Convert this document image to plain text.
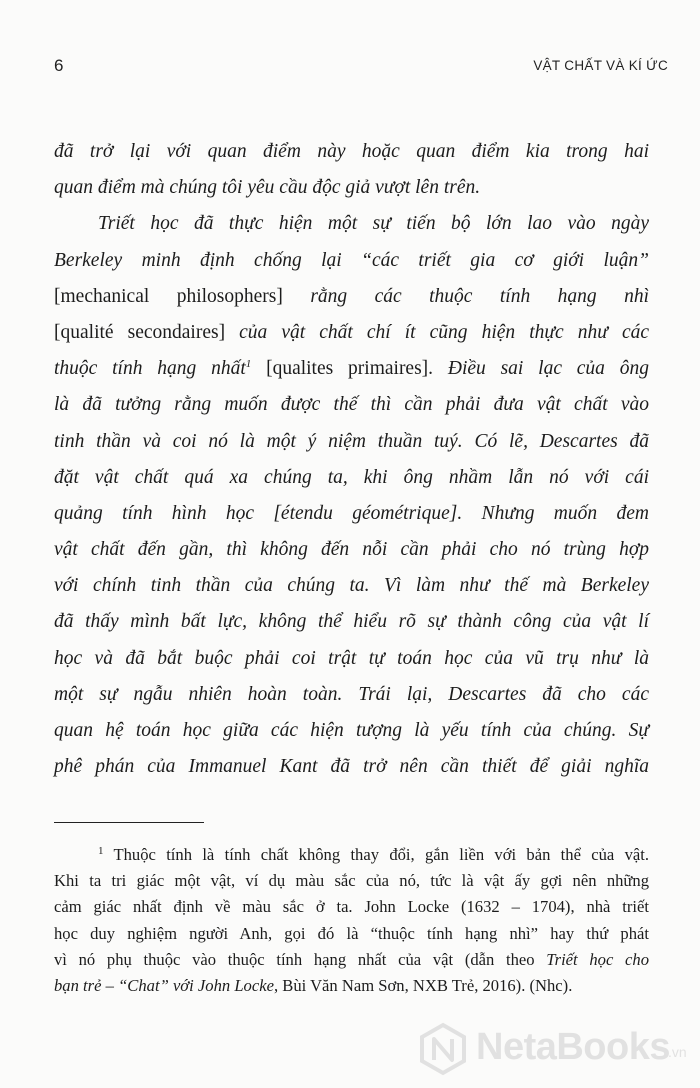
6	VẬT CHẤT VÀ KÍ ỨC
đã trở lại với quan điểm này hoặc quan điểm kia trong hai
quan điểm mà chúng tôi yêu cầu độc giả vượt lên trên.
Triết học đã thực hiện một sự tiến bộ lớn lao vào ngày
Berkeley minh định chống lại “các triết gia cơ giới luận”
[mechanical philosophers] rằng các thuộc tính hạng nhì
[qualité secondaires] của vật chất chí ít cũng hiện thực như các
thuộc tính hạng nhất$^1$ [qualites primaires]. Điều sai lạc của ông
là đã tưởng rằng muốn được thế thì cần phải đưa vật chất vào
tinh thần và coi nó là một ý niệm thuần tuý. Có lẽ, Descartes đã
đặt vật chất quá xa chúng ta, khi ông nhầm lẫn nó với cái
quảng tính hình học [étendu géométrique]. Nhưng muốn đem
vật chất đến gần, thì không đến nỗi cần phải cho nó trùng hợp
với chính tinh thần của chúng ta. Vì làm như thế mà Berkeley
đã thấy mình bất lực, không thể hiểu rõ sự thành công của vật lí
học và đã bắt buộc phải coi trật tự toán học của vũ trụ như là
một sự ngẫu nhiên hoàn toàn. Trái lại, Descartes đã cho các
quan hệ toán học giữa các hiện tượng là yếu tính của chúng. Sự
phê phán của Immanuel Kant đã trở nên cần thiết để giải nghĩa
$^1$ Thuộc tính là tính chất không thay đổi, gắn liền với bản thể của vật.
Khi ta tri giác một vật, ví dụ màu sắc của nó, tức là vật ấy gợi nên những
cảm giác nhất định về màu sắc ở ta. John Locke (1632 – 1704), nhà triết
học duy nghiệm người Anh, gọi đó là “thuộc tính hạng nhì” hay thứ phát
vì nó phụ thuộc vào thuộc tính hạng nhất của vật (dẫn theo Triết học cho
bạn trẻ – “Chat” với John Locke, Bùi Văn Nam Sơn, NXB Trẻ, 2016). (Nhc).
NetaBooks
.vn
